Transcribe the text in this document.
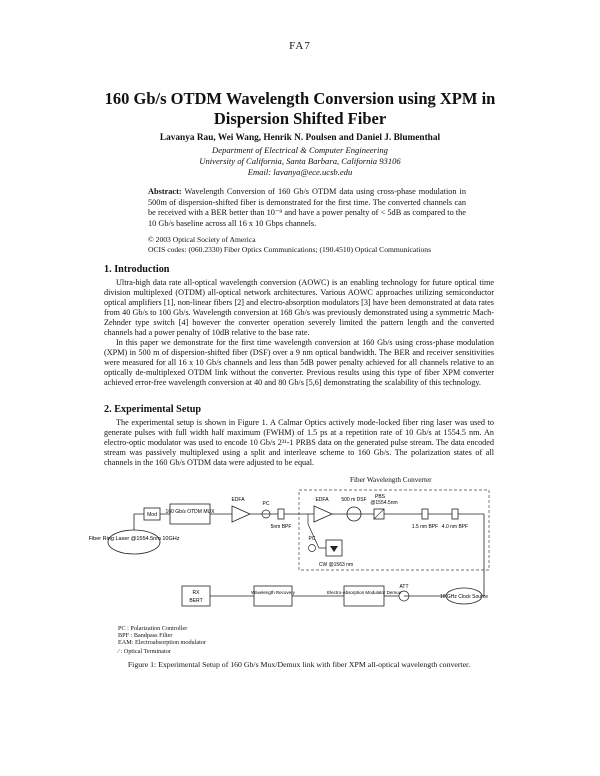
FA7
160 Gb/s OTDM Wavelength Conversion using XPM in
Dispersion Shifted Fiber
Lavanya Rau, Wei Wang, Henrik N. Poulsen and Daniel J. Blumenthal
Department of Electrical & Computer Engineering
University of California, Santa Barbara, California 93106
Email: lavanya@ece.ucsb.edu
Abstract: Wavelength Conversion of 160 Gb/s OTDM data using cross-phase modulation in 500m of dispersion-shifted fiber is demonstrated for the first time. The converted channels can be received with a BER better than 10⁻⁹ and have a power penalty of < 5dB as compared to the 10 Gb/s baseline across all 16 x 10 Gbps channels.
© 2003 Optical Society of America
OCIS codes: (060.2330) Fiber Optics Communications; (190.4510) Optical Communications
1. Introduction
Ultra-high data rate all-optical wavelength conversion (AOWC) is an enabling technology for future optical time division multiplexed (OTDM) all-optical network architectures. Various AOWC approaches utilizing semiconductor optical amplifiers [1], non-linear fibers [2] and electro-absorption modulators [3] have been demonstrated at data rates from 40 Gb/s to 100 Gb/s. Wavelength conversion at 168 Gb/s was previously demonstrated using a symmetric Mach-Zehnder type switch [4] however the converter operation severely limited the pattern length and the converted channels had a power penalty of 10dB relative to the base rate.
In this paper we demonstrate for the first time wavelength conversion at 160 Gb/s using cross-phase modulation (XPM) in 500 m of dispersion-shifted fiber (DSF) over a 9 nm optical bandwidth. The BER and receiver sensitivities were measured for all 16 x 10 Gb/s channels and less than 5dB power penalty achieved for all channels relative to an optically de-multiplexed OTDM link without the converter. Previous results using this type of fiber XPM converter achieved error-free wavelength conversion at 40 and 80 Gb/s [5,6] demonstrating the scalability of this technology.
2. Experimental Setup
The experimental setup is shown in Figure 1. A Calmar Optics actively mode-locked fiber ring laser was used to generate pulses with full width half maximum (FWHM) of 1.5 ps at a repetition rate of 10 Gb/s at 1554.5 nm. An electro-optic modulator was used to encode 10 Gb/s 2³¹-1 PRBS data on the generated pulse stream. The data encoded stream was passively multiplexed using a split and interleave scheme to 160 Gb/s. The polarization states of all channels in the 160 Gb/s OTDM data were adjusted to be equal.
Fiber Wavelength Converter
Fiber Ring Laser @1554.5nm 10GHz
Mod 160 Gb/s OTDM MUX
EDFA
PC
5nm BPF
EDFA	500 m DSF PBS
@1554.5nm
1.5 nm BPF 4.0 nm BPF
CW @1563 nm
PC
10 GHz Clock Source
ATT
Electro-Absorption Modulator Demux
Wavelength Recovery
RX
BERT
PC : Polarization Controller
BPF : Bandpass Filter
EAM: Electroabsorption modulator
⁄ : Optical Terminator
Figure 1: Experimental Setup of 160 Gb/s Mux/Demux link with fiber XPM all-optical wavelength converter.
